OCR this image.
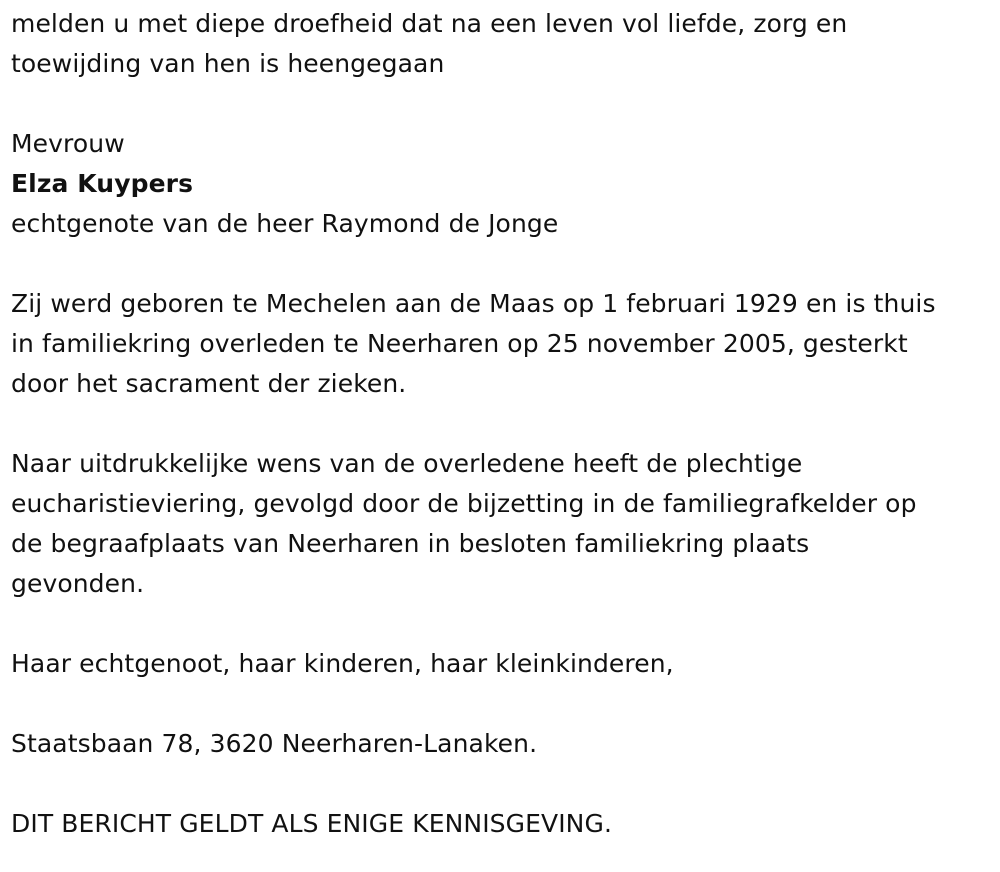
melden u met diepe droefheid dat na een leven vol liefde, zorg en
toewijding van hen is heengegaan

Mevrouw

Elza Kuypers

echtgenote van de heer Raymond de Jonge

Zij werd geboren te Mechelen aan de Maas op 1 februari 1929 en is thuis
in familiekring overleden te Neerharen op 25 november 2005, gesterkt
door het sacrament der zieken.

Naar uitdrukkelijke wens van de overledene heeft de plechtige
eucharistieviering, gevolgd door de bijzetting in de familiegrafkelder op
de begraafplaats van Neerharen in besloten familiekring plaats
gevonden.

Haar echtgenoot, haar kinderen, haar kleinkinderen,

Staatsbaan 78, 3620 Neerharen-Lanaken.

DIT BERICHT GELDT ALS ENIGE KENNISGEVING.
